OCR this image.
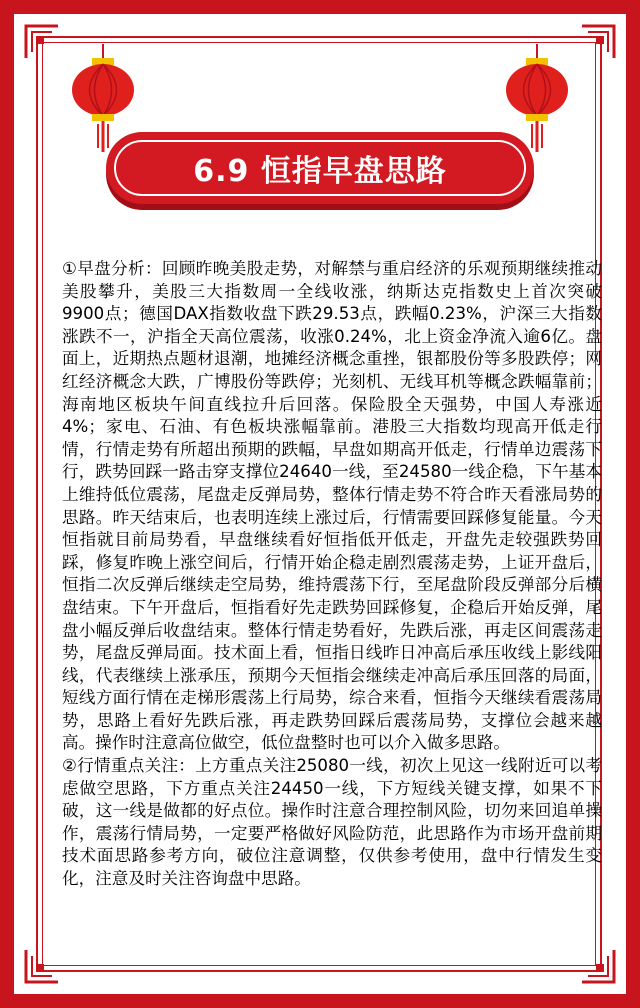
6.9 恒指早盘思路

①早盘分析：回顾昨晚美股走势，对解禁与重启经济的乐观预期继续推动美股攀升，美股三大指数周一全线收涨，纳斯达克指数史上首次突破9900点；德国DAX指数收盘下跌29.53点，跌幅0.23%，沪深三大指数涨跌不一，沪指全天高位震荡，收涨0.24%，北上资金净流入逾6亿。盘面上，近期热点题材退潮，地摊经济概念重挫，银都股份等多股跌停；网红经济概念大跌，广博股份等跌停；光刻机、无线耳机等概念跌幅靠前；海南地区板块午间直线拉升后回落。保险股全天强势，中国人寿涨近4%；家电、石油、有色板块涨幅靠前。港股三大指数均现高开低走行情，行情走势有所超出预期的跌幅，早盘如期高开低走，行情单边震荡下行，跌势回踩一路击穿支撑位24640一线，至24580一线企稳，下午基本上维持低位震荡，尾盘走反弹局势，整体行情走势不符合昨天看涨局势的思路。昨天结束后，也表明连续上涨过后，行情需要回踩修复能量。今天恒指就目前局势看，早盘继续看好恒指低开低走，开盘先走较强跌势回踩，修复昨晚上涨空间后，行情开始企稳走剧烈震荡走势，上证开盘后，恒指二次反弹后继续走空局势，维持震荡下行，至尾盘阶段反弹部分后横盘结束。下午开盘后，恒指看好先走跌势回踩修复，企稳后开始反弹，尾盘小幅反弹后收盘结束。整体行情走势看好，先跌后涨，再走区间震荡走势，尾盘反弹局面。技术面上看，恒指日线昨日冲高后承压收线上影线阳线，代表继续上涨承压，预期今天恒指会继续走冲高后承压回落的局面，短线方面行情在走梯形震荡上行局势，综合来看，恒指今天继续看震荡局势，思路上看好先跌后涨，再走跌势回踩后震荡局势，支撑位会越来越高。操作时注意高位做空，低位盘整时也可以介入做多思路。

②行情重点关注：上方重点关注25080一线，初次上见这一线附近可以考虑做空思路，下方重点关注24450一线，下方短线关键支撑，如果不下破，这一线是做都的好点位。操作时注意合理控制风险，切勿来回追单操作，震荡行情局势，一定要严格做好风险防范，此思路作为市场开盘前期技术面思路参考方向，破位注意调整，仅供参考使用，盘中行情发生变化，注意及时关注咨询盘中思路。
